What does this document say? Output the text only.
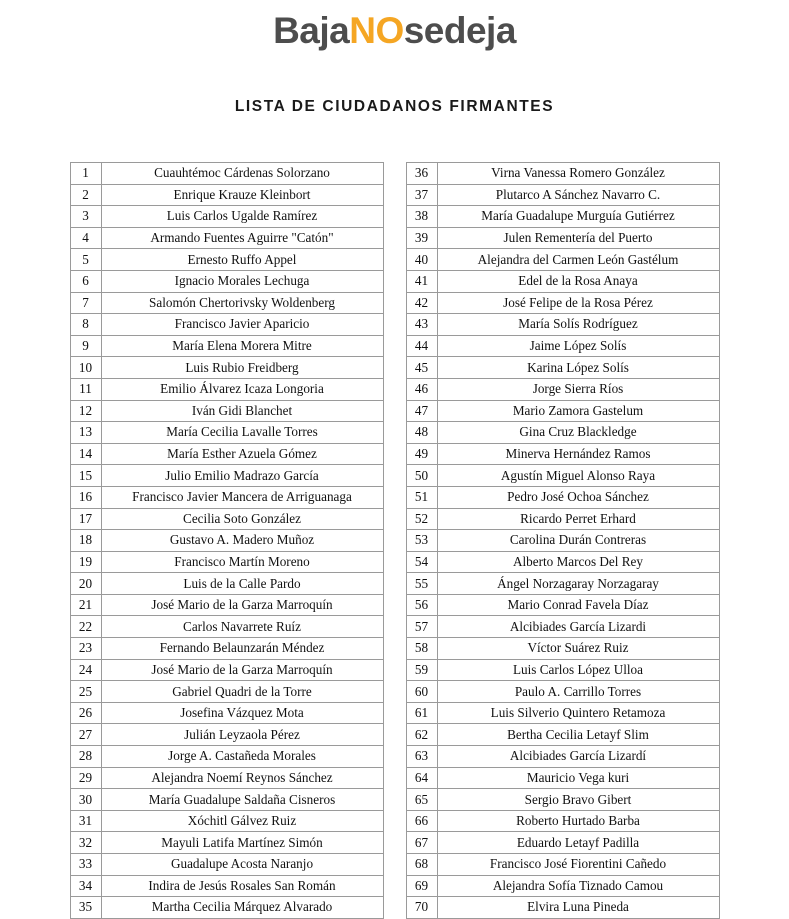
BajaNOsedeja
LISTA DE CIUDADANOS FIRMANTES
1	Cuauhtémoc Cárdenas Solorzano
2	Enrique Krauze Kleinbort
3	Luis Carlos Ugalde Ramírez
4	Armando Fuentes Aguirre "Catón"
5	Ernesto Ruffo Appel
6	Ignacio Morales Lechuga
7	Salomón Chertorivsky Woldenberg
8	Francisco Javier Aparicio
9	María Elena Morera Mitre
10	Luis Rubio Freidberg
11	Emilio Álvarez Icaza Longoria
12	Iván Gidi Blanchet
13	María Cecilia Lavalle Torres
14	María Esther Azuela Gómez
15	Julio Emilio Madrazo García
16	Francisco Javier Mancera de Arriguanaga
17	Cecilia Soto González
18	Gustavo A. Madero Muñoz
19	Francisco Martín Moreno
20	Luis de la Calle Pardo
21	José Mario de la Garza Marroquín
22	Carlos Navarrete Ruíz
23	Fernando Belaunzarán Méndez
24	José Mario de la Garza Marroquín
25	Gabriel Quadri de la Torre
26	Josefina Vázquez Mota
27	Julián Leyzaola Pérez
28	Jorge A. Castañeda Morales
29	Alejandra Noemí Reynos Sánchez
30	María Guadalupe Saldaña Cisneros
31	Xóchitl Gálvez Ruiz
32	Mayuli Latifa Martínez Simón
33	Guadalupe Acosta Naranjo
34	Indira de Jesús Rosales San Román
35	Martha Cecilia Márquez Alvarado
36	Virna Vanessa Romero González
37	Plutarco A Sánchez Navarro C.
38	María Guadalupe Murguía Gutiérrez
39	Julen Rementería del Puerto
40	Alejandra del Carmen León Gastélum
41	Edel de la Rosa Anaya
42	José Felipe de la Rosa Pérez
43	María Solís Rodríguez
44	Jaime López Solís
45	Karina López Solís
46	Jorge Sierra Ríos
47	Mario Zamora Gastelum
48	Gina Cruz Blackledge
49	Minerva Hernández Ramos
50	Agustín Miguel Alonso Raya
51	Pedro José Ochoa Sánchez
52	Ricardo Perret Erhard
53	Carolina Durán Contreras
54	Alberto Marcos Del Rey
55	Ángel Norzagaray Norzagaray
56	Mario Conrad Favela Díaz
57	Alcibiades García Lizardi
58	Víctor Suárez Ruiz
59	Luis Carlos López Ulloa
60	Paulo A. Carrillo Torres
61	Luis Silverio Quintero Retamoza
62	Bertha Cecilia Letayf Slim
63	Alcibiades García Lizardí
64	Mauricio Vega kuri
65	Sergio Bravo Gibert
66	Roberto Hurtado Barba
67	Eduardo Letayf Padilla
68	Francisco José Fiorentini Cañedo
69	Alejandra Sofía Tiznado Camou
70	Elvira Luna Pineda
